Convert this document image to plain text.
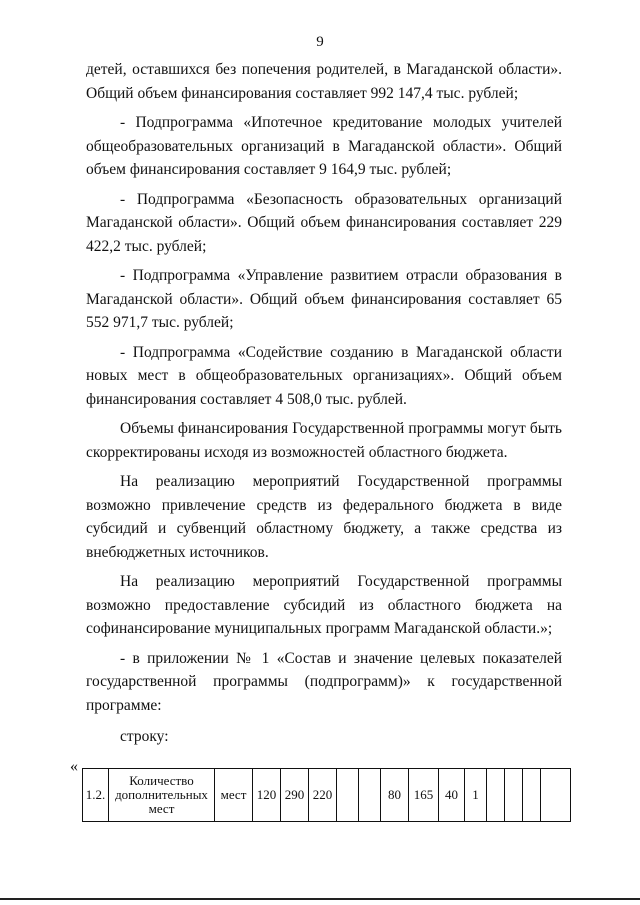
9

детей, оставшихся без попечения родителей, в Магаданской области». Общий объем финансирования составляет 992 147,4 тыс. рублей;

- Подпрограмма «Ипотечное кредитование молодых учителей общеобразовательных организаций в Магаданской области». Общий объем финансирования составляет 9 164,9 тыс. рублей;

- Подпрограмма «Безопасность образовательных организаций Магаданской области». Общий объем финансирования составляет 229 422,2 тыс. рублей;

- Подпрограмма «Управление развитием отрасли образования в Магаданской области». Общий объем финансирования составляет 65 552 971,7 тыс. рублей;

- Подпрограмма «Содействие созданию в Магаданской области новых мест в общеобразовательных организациях». Общий объем финансирования составляет 4 508,0 тыс. рублей.

Объемы финансирования Государственной программы могут быть скорректированы исходя из возможностей областного бюджета.

На реализацию мероприятий Государственной программы возможно привлечение средств из федерального бюджета в виде субсидий и субвенций областному бюджету, а также средства из внебюджетных источников.

На реализацию мероприятий Государственной программы возможно предоставление субсидий из областного бюджета на софинансирование муниципальных программ Магаданской области.»;

- в приложении № 1 «Состав и значение целевых показателей государственной программы (подпрограмм)» к государственной программе:

строку:
«
1.2.	Количество дополнительных мест	мест	120	290	220			80	165	40	1				
